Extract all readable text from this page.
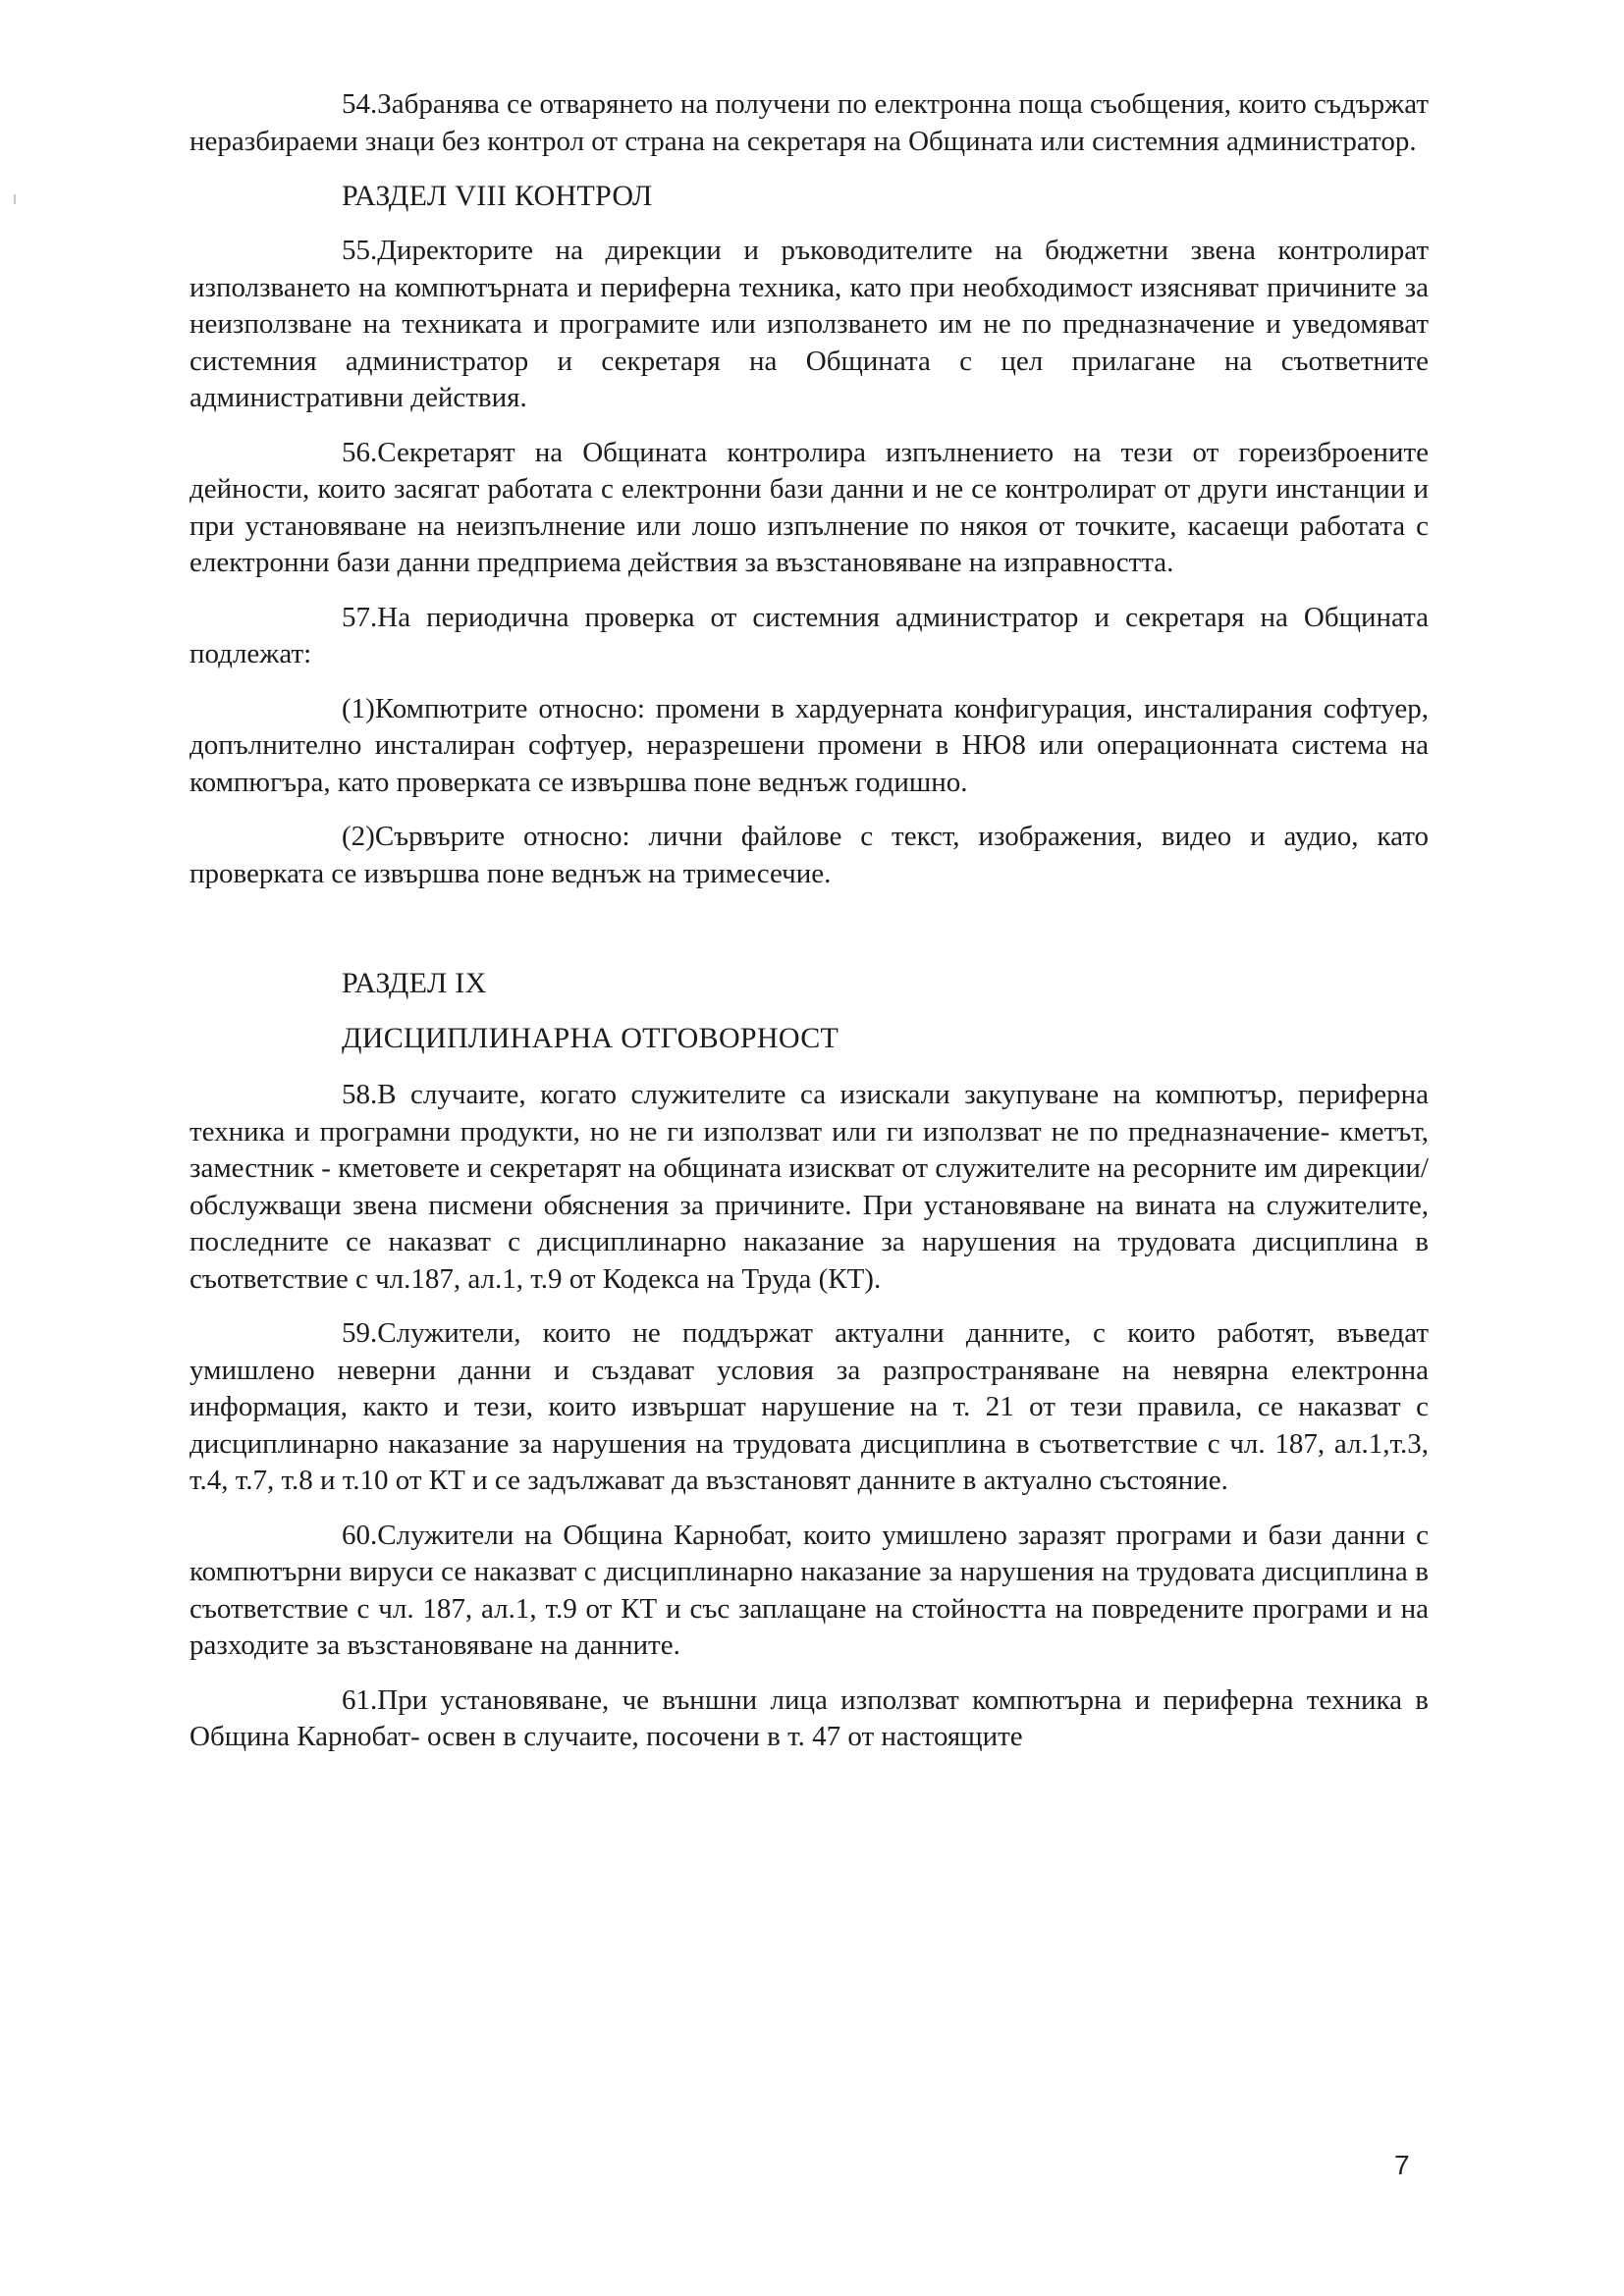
54.Забранява се отварянето на получени по електронна поща съобщения, които съдържат неразбираеми знаци без контрол от страна на секретаря на Общината или системния администратор.

РАЗДЕЛ VIII КОНТРОЛ

55.Директорите на дирекции и ръководителите на бюджетни звена контролират използването на компютърната и периферна техника, като при необходимост изясняват причините за неизползване на техниката и програмите или използването им не по предназначение и уведомяват системния администратор и секретаря на Общината с цел прилагане на съответните административни действия.

56.Секретарят на Общината контролира изпълнението на тези от гореизброените дейности, които засягат работата с електронни бази данни и не се контролират от други инстанции и при установяване на неизпълнение или лошо изпълнение по някоя от точките, касаещи работата с електронни бази данни предприема действия за възстановяване на изправността.

57.На периодична проверка от системния администратор и секретаря на Общината подлежат:

(1)Компютрите относно: промени в хардуерната конфигурация, инсталирания софтуер, допълнително инсталиран софтуер, неразрешени промени в НЮ8 или операционната система на компюгъра, като проверката се извършва поне веднъж годишно.

(2)Сървърите относно: лични файлове с текст, изображения, видео и аудио, като проверката се извършва поне веднъж на тримесечие.

РАЗДЕЛ IX
ДИСЦИПЛИНАРНА ОТГОВОРНОСТ

58.В случаите, когато служителите са изискали закупуване на компютър, периферна техника и програмни продукти, но не ги използват или ги използват не по предназначение- кметът, заместник - кметовете и секретарят на общината изискват от служителите на ресорните им дирекции/обслужващи звена писмени обяснения за причините. При установяване на вината на служителите, последните се наказват с дисциплинарно наказание за нарушения на трудовата дисциплина в съответствие с чл.187, ал.1, т.9 от Кодекса на Труда (КТ).

59.Служители, които не поддържат актуални данните, с които работят, въведат умишлено неверни данни и създават условия за разпространяване на невярна електронна информация, както и тези, които извършат нарушение на т. 21 от тези правила, се наказват с дисциплинарно наказание за нарушения на трудовата дисциплина в съответствие с чл. 187, ал.1,т.3, т.4, т.7, т.8 и т.10 от КТ и се задължават да възстановят данните в актуално състояние.

60.Служители на Община Карнобат, които умишлено заразят програми и бази данни с компютърни вируси се наказват с дисциплинарно наказание за нарушения на трудовата дисциплина в съответствие с чл. 187, ал.1, т.9 от КТ и със заплащане на стойността на повредените програми и на разходите за възстановяване на данните.

61.При установяване, че външни лица използват компютърна и периферна техника в Община Карнобат- освен в случаите, посочени в т. 47 от настоящите

7
